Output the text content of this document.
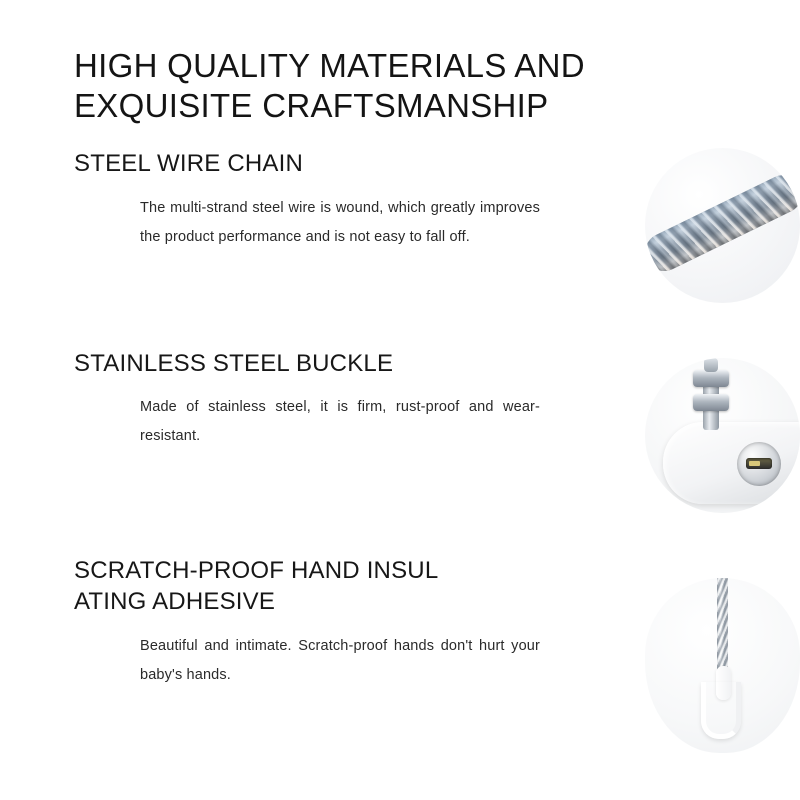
HIGH QUALITY MATERIALS AND
EXQUISITE CRAFTSMANSHIP
STEEL WIRE CHAIN

The multi-strand steel wire is wound, which greatly improves the product performance and is not easy to fall off.

STAINLESS STEEL BUCKLE

Made of stainless steel, it is firm, rust-proof and wear-resistant.

SCRATCH-PROOF HAND INSUL
ATING ADHESIVE

Beautiful and intimate. Scratch-proof hands don't hurt your baby's hands.
